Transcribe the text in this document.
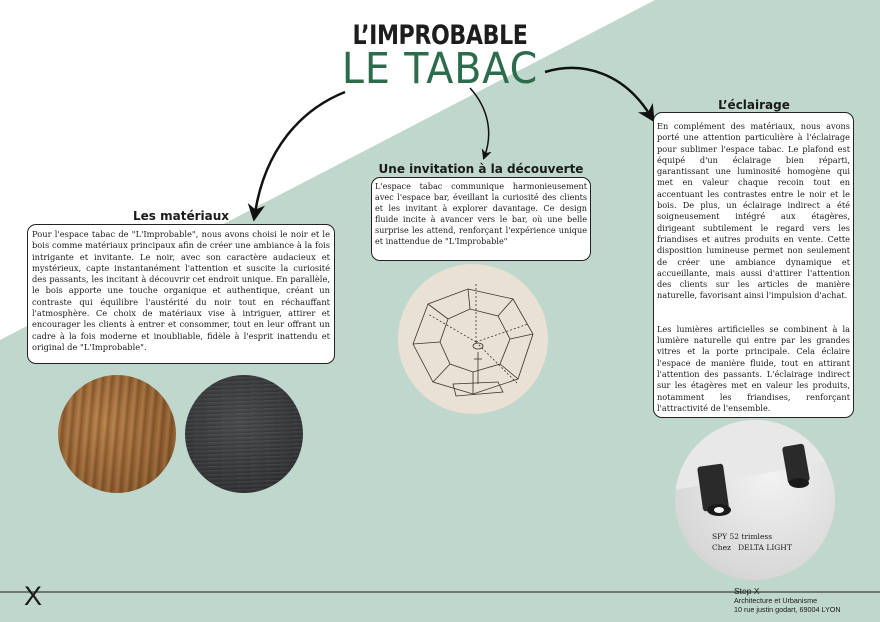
L’IMPROBABLE
LE TABAC
Les matériaux

Pour l'espace tabac de "L'Improbable", nous avons choisi le noir et le bois comme matériaux principaux afin de créer une ambiance à la fois intrigante et invitante. Le noir, avec son caractère audacieux et mystérieux, capte instantanément l'attention et suscite la curiosité des passants, les incitant à découvrir cet endroit unique. En parallèle, le bois apporte une touche organique et authentique, créant un contraste qui équilibre l'austérité du noir tout en réchauffant l'atmosphère. Ce choix de matériaux vise à intriguer, attirer et encourager les clients à entrer et consommer, tout en leur offrant un cadre à la fois moderne et inoubliable, fidèle à l'esprit inattendu et original de "L'Improbable".

Une invitation à la découverte

L'espace tabac communique harmonieusement avec l'espace bar, éveillant la curiosité des clients et les invitant à explorer davantage. Ce design fluide incite à avancer vers le bar, où une belle surprise les attend, renforçant l'expérience unique et inattendue de "L'Improbable"

L’éclairage

En complément des matériaux, nous avons porté une attention particulière à l'éclairage pour sublimer l'espace tabac. Le plafond est équipé d'un éclairage bien réparti, garantissant une luminosité homogène qui met en valeur chaque recoin tout en accentuant les contrastes entre le noir et le bois. De plus, un éclairage indirect a été soigneusement intégré aux étagères, dirigeant subtilement le regard vers les friandises et autres produits en vente. Cette disposition lumineuse permet non seulement de créer une ambiance dynamique et accueillante, mais aussi d'attirer l'attention des clients sur les articles de manière naturelle, favorisant ainsi l'impulsion d'achat.

Les lumières artificielles se combinent à la lumière naturelle qui entre par les grandes vitres et la porte principale. Cela éclaire l'espace de manière fluide, tout en attirant l'attention des passants. L'éclairage indirect sur les étagères met en valeur les produits, notamment les friandises, renforçant l'attractivité de l'ensemble.

SPY 52 trimless
Chez   DELTA LIGHT
X	Step X
Architecture et Urbanisme
10 rue justin godart, 69004 LYON
